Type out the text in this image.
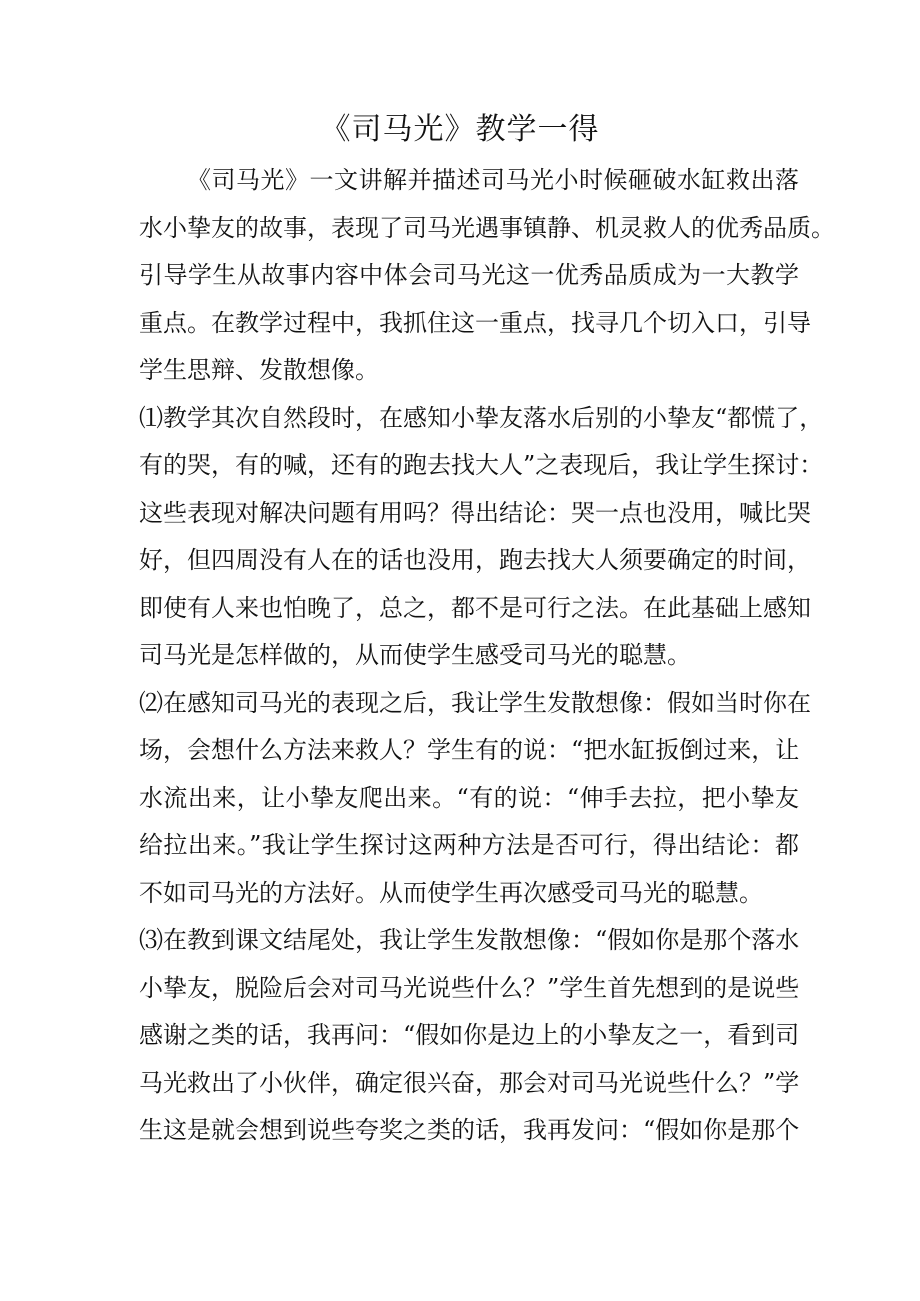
《司马光》教学一得
《司马光》一文讲解并描述司马光小时候砸破水缸救出落
水小挚友的故事，表现了司马光遇事镇静、机灵救人的优秀品质。
引导学生从故事内容中体会司马光这一优秀品质成为一大教学
重点。在教学过程中，我抓住这一重点，找寻几个切入口，引导
学生思辩、发散想像。
⑴教学其次自然段时，在感知小挚友落水后别的小挚友“都慌了，
有的哭，有的喊，还有的跑去找大人”之表现后，我让学生探讨：
这些表现对解决问题有用吗？得出结论：哭一点也没用，喊比哭
好，但四周没有人在的话也没用，跑去找大人须要确定的时间，
即使有人来也怕晚了，总之，都不是可行之法。在此基础上感知
司马光是怎样做的，从而使学生感受司马光的聪慧。
⑵在感知司马光的表现之后，我让学生发散想像：假如当时你在
场，会想什么方法来救人？学生有的说：“把水缸扳倒过来，让
水流出来，让小挚友爬出来。“有的说：“伸手去拉，把小挚友
给拉出来。”我让学生探讨这两种方法是否可行，得出结论：都
不如司马光的方法好。从而使学生再次感受司马光的聪慧。
⑶在教到课文结尾处，我让学生发散想像：“假如你是那个落水
小挚友，脱险后会对司马光说些什么？”学生首先想到的是说些
感谢之类的话，我再问：“假如你是边上的小挚友之一，看到司
马光救出了小伙伴，确定很兴奋，那会对司马光说些什么？”学
生这是就会想到说些夸奖之类的话，我再发问：“假如你是那个
